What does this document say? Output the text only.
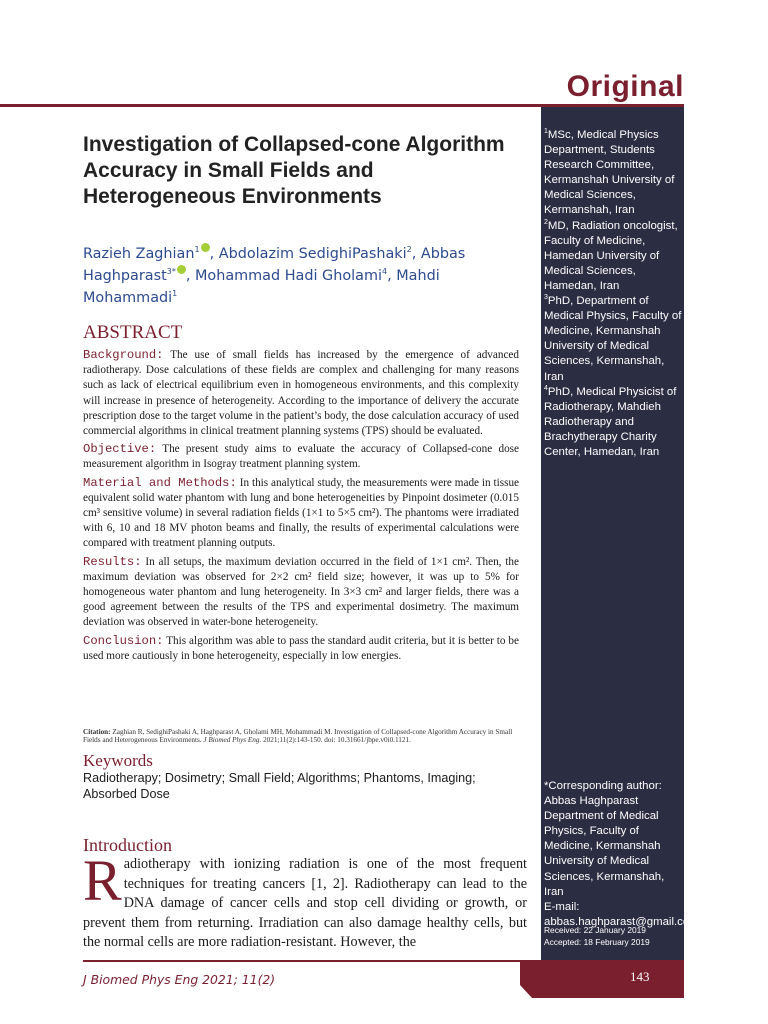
Original

$^1$MSc, Medical Physics Department, Students Research Committee, Kermanshah University of Medical Sciences, Kermanshah, Iran

$^2$MD, Radiation oncologist, Faculty of Medicine, Hamedan University of Medical Sciences, Hamedan, Iran

$^3$PhD, Department of Medical Physics, Faculty of Medicine, Kermanshah University of Medical Sciences, Kermanshah, Iran

$^4$PhD, Medical Physicist of Radiotherapy, Mahdieh Radiotherapy and Brachytherapy Charity Center, Hamedan, Iran

*Corresponding author:

Abbas Haghparast

Department of Medical Physics, Faculty of Medicine, Kermanshah University of Medical Sciences, Kermanshah, Iran

E-mail: abbas.haghparast@gmail.com

Received: 22 January 2019
Accepted: 18 February 2019
Investigation of Collapsed-cone Algorithm Accuracy in Small Fields and Heterogeneous Environments
Razieh Zaghian$^1$ , Abdolazim SedighiPashaki$^2$, Abbas Haghparast$^{3*}$ , Mohammad Hadi Gholami$^4$, Mahdi Mohammadi$^1$
ABSTRACT

Background: The use of small fields has increased by the emergence of advanced radiotherapy. Dose calculations of these fields are complex and challenging for many reasons such as lack of electrical equilibrium even in homogeneous environments, and this complexity will increase in presence of heterogeneity. According to the importance of delivery the accurate prescription dose to the target volume in the patient’s body, the dose calculation accuracy of used commercial algorithms in clinical treatment planning systems (TPS) should be evaluated.

Objective: The present study aims to evaluate the accuracy of Collapsed-cone dose measurement algorithm in Isogray treatment planning system.

Material and Methods: In this analytical study, the measurements were made in tissue equivalent solid water phantom with lung and bone heterogeneities by Pinpoint dosimeter (0.015 cm³ sensitive volume) in several radiation fields (1×1 to 5×5 cm²). The phantoms were irradiated with 6, 10 and 18 MV photon beams and finally, the results of experimental calculations were compared with treatment planning outputs.

Results: In all setups, the maximum deviation occurred in the field of 1×1 cm². Then, the maximum deviation was observed for 2×2 cm² field size; however, it was up to 5% for homogeneous water phantom and lung heterogeneity. In 3×3 cm² and larger fields, there was a good agreement between the results of the TPS and experimental dosimetry. The maximum deviation was observed in water-bone heterogeneity.

Conclusion: This algorithm was able to pass the standard audit criteria, but it is better to be used more cautiously in bone heterogeneity, especially in low energies.

Citation: Zaghian R, SedighiPashaki A, Haghparast A, Gholami MH, Mohammadi M. Investigation of Collapsed-cone Algorithm Accuracy in Small Fields and Heterogeneous Environments. J Biomed Phys Eng. 2021;11(2):143-150. doi: 10.31661/jbpe.v0i0.1121.
Keywords
Radiotherapy; Dosimetry; Small Field; Algorithms; Phantoms, Imaging; Absorbed Dose
Introduction
Radiotherapy with ionizing radiation is one of the most frequent techniques for treating cancers [1, 2]. Radiotherapy can lead to the DNA damage of cancer cells and stop cell dividing or growth, or prevent them from returning. Irradiation can also damage healthy cells, but the normal cells are more radiation-resistant. However, the
J Biomed Phys Eng 2021; 11(2)	143
